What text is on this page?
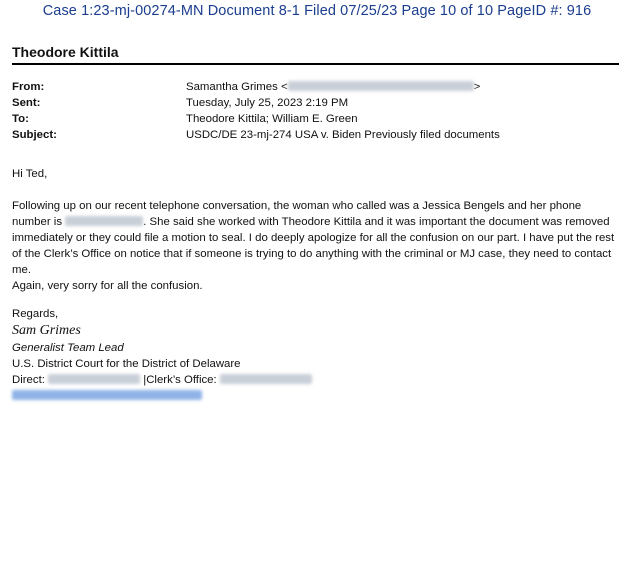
Case 1:23-mj-00274-MN Document 8-1 Filed 07/25/23 Page 10 of 10 PageID #: 916
Theodore Kittila
From:	Samantha Grimes <	>
Sent:	Tuesday, July 25, 2023 2:19 PM
To:	Theodore Kittila; William E. Green
Subject:	USDC/DE 23-mj-274 USA v. Biden Previously filed documents

Hi Ted,

Following up on our recent telephone conversation, the woman who called was a Jessica Bengels and her phone number is	. She said she worked with Theodore Kittila and it was important the document was removed immediately or they could file a motion to seal. I do deeply apologize for all the confusion on our part. I have put the rest of the Clerk’s Office on notice that if someone is trying to do anything with the criminal or MJ case, they need to contact me.

Again, very sorry for all the confusion.

Regards,

Sam Grimes

Generalist Team Lead

U.S. District Court for the District of Delaware

Direct:	|Clerk’s Office:
